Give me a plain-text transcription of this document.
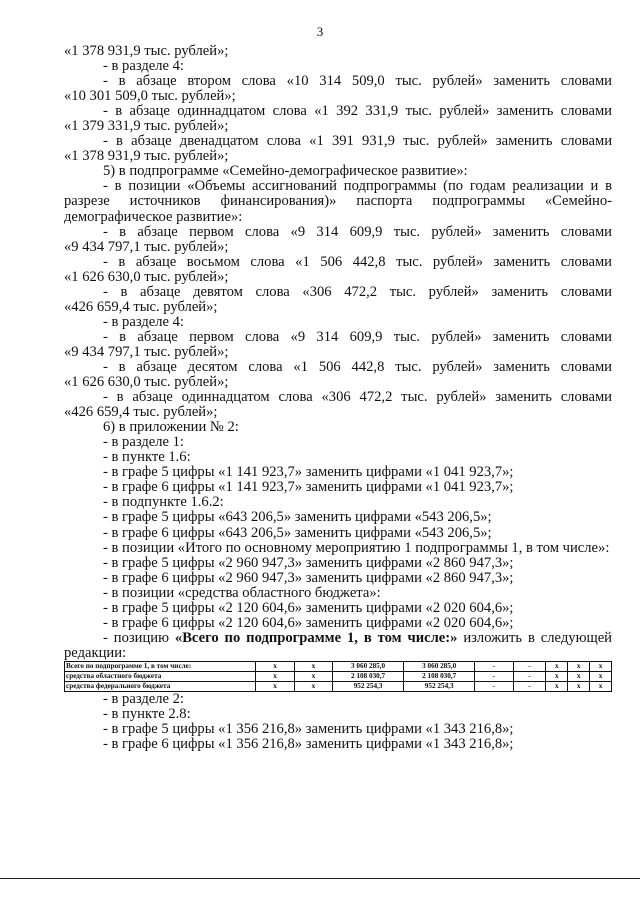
3

«1 378 931,9 тыс. рублей»;

- в разделе 4:

- в абзаце втором слова «10 314 509,0 тыс. рублей» заменить словами

«10 301 509,0 тыс. рублей»;

- в абзаце одиннадцатом слова «1 392 331,9 тыс. рублей» заменить словами

«1 379 331,9 тыс. рублей»;

- в абзаце двенадцатом слова «1 391 931,9 тыс. рублей» заменить словами

«1 378 931,9 тыс. рублей»;

5) в подпрограмме «Семейно-демографическое развитие»:

- в позиции «Объемы ассигнований подпрограммы (по годам реализации и в

разрезе источников финансирования)» паспорта подпрограммы «Семейно-

демографическое развитие»:

- в абзаце первом слова «9 314 609,9 тыс. рублей» заменить словами

«9 434 797,1 тыс. рублей»;

- в абзаце восьмом слова «1 506 442,8 тыс. рублей» заменить словами

«1 626 630,0 тыс. рублей»;

- в абзаце девятом слова «306 472,2 тыс. рублей» заменить словами

«426 659,4 тыс. рублей»;

- в разделе 4:

- в абзаце первом слова «9 314 609,9 тыс. рублей» заменить словами

«9 434 797,1 тыс. рублей»;

- в абзаце десятом слова «1 506 442,8 тыс. рублей» заменить словами

«1 626 630,0 тыс. рублей»;

- в абзаце одиннадцатом слова «306 472,2 тыс. рублей» заменить словами

«426 659,4 тыс. рублей»;

6) в приложении № 2:

- в разделе 1:

- в пункте 1.6:

- в графе 5 цифры «1 141 923,7» заменить цифрами «1 041 923,7»;

- в графе 6 цифры «1 141 923,7» заменить цифрами «1 041 923,7»;

- в подпункте 1.6.2:

- в графе 5 цифры «643 206,5» заменить цифрами «543 206,5»;

- в графе 6 цифры «643 206,5» заменить цифрами «543 206,5»;

- в позиции «Итого по основному мероприятию 1 подпрограммы 1, в том числе»:

- в графе 5 цифры «2 960 947,3» заменить цифрами «2 860 947,3»;

- в графе 6 цифры «2 960 947,3» заменить цифрами «2 860 947,3»;

- в позиции «средства областного бюджета»:

- в графе 5 цифры «2 120 604,6» заменить цифрами «2 020 604,6»;

- в графе 6 цифры «2 120 604,6» заменить цифрами «2 020 604,6»;

- позицию «Всего по подпрограмме 1, в том числе:» изложить в следующей

редакции:

Всего по подпрограмме 1, в том числе:	х	х	3 060 285,0	3 060 285,0	-	-	х	х	х
средства областного бюджета	х	х	2 108 030,7	2 108 030,7	-	-	х	х	х
средства федерального бюджета	х	х	952 254,3	952 254,3	-	-	х	х	х

- в разделе 2:

- в пункте 2.8:

- в графе 5 цифры «1 356 216,8» заменить цифрами «1 343 216,8»;

- в графе 6 цифры «1 356 216,8» заменить цифрами «1 343 216,8»;
